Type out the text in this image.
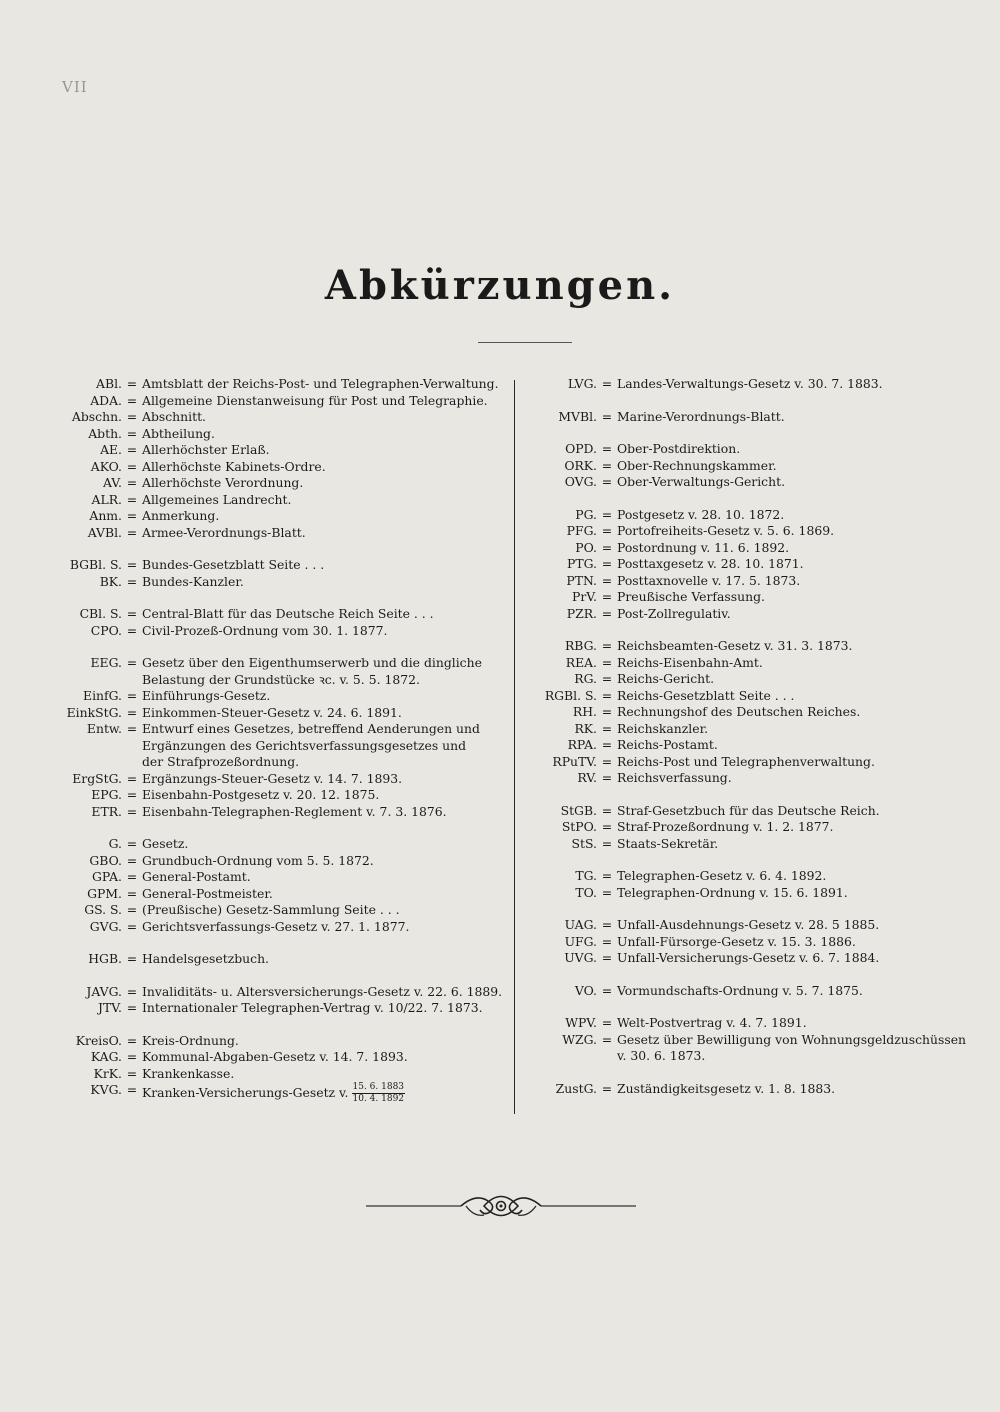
VII
Abkürzungen.
ABl. = Amtsblatt der Reichs-Post- und Telegraphen-Verwaltung.
ADA. = Allgemeine Dienstanweisung für Post und Telegraphie.
Abschn. = Abschnitt.
Abth. = Abtheilung.
AE. = Allerhöchster Erlaß.
AKO. = Allerhöchste Kabinets-Ordre.
AV. = Allerhöchste Verordnung.
ALR. = Allgemeines Landrecht.
Anm. = Anmerkung.
AVBl. = Armee-Verordnungs-Blatt.
BGBl. S. = Bundes-Gesetzblatt Seite . . .
BK. = Bundes-Kanzler.
CBl. S. = Central-Blatt für das Deutsche Reich Seite . . .
CPO. = Civil-Prozeß-Ordnung vom 30. 1. 1877.
EEG. = Gesetz über den Eigenthumserwerb und die dingliche
Belastung der Grundstücke ꝛc. v. 5. 5. 1872.
EinfG. = Einführungs-Gesetz.
EinkStG. = Einkommen-Steuer-Gesetz v. 24. 6. 1891.
Entw. = Entwurf eines Gesetzes, betreffend Aenderungen und
Ergänzungen des Gerichtsverfassungsgesetzes und
der Strafprozeßordnung.
ErgStG. = Ergänzungs-Steuer-Gesetz v. 14. 7. 1893.
EPG. = Eisenbahn-Postgesetz v. 20. 12. 1875.
ETR. = Eisenbahn-Telegraphen-Reglement v. 7. 3. 1876.
G. = Gesetz.
GBO. = Grundbuch-Ordnung vom 5. 5. 1872.
GPA. = General-Postamt.
GPM. = General-Postmeister.
GS. S. = (Preußische) Gesetz-Sammlung Seite . . .
GVG. = Gerichtsverfassungs-Gesetz v. 27. 1. 1877.
HGB. = Handelsgesetzbuch.
JAVG. = Invaliditäts- u. Altersversicherungs-Gesetz v. 22. 6. 1889.
JTV. = Internationaler Telegraphen-Vertrag v. 10/22. 7. 1873.
KreisO. = Kreis-Ordnung.
KAG. = Kommunal-Abgaben-Gesetz v. 14. 7. 1893.
KrK. = Krankenkasse.
KVG. = Kranken-Versicherungs-Gesetz v. $\frac{15. 6. 1883}{10. 4. 1892}$
LVG. = Landes-Verwaltungs-Gesetz v. 30. 7. 1883.
MVBl. = Marine-Verordnungs-Blatt.
OPD. = Ober-Postdirektion.
ORK. = Ober-Rechnungskammer.
OVG. = Ober-Verwaltungs-Gericht.
PG. = Postgesetz v. 28. 10. 1872.
PFG. = Portofreiheits-Gesetz v. 5. 6. 1869.
PO. = Postordnung v. 11. 6. 1892.
PTG. = Posttaxgesetz v. 28. 10. 1871.
PTN. = Posttaxnovelle v. 17. 5. 1873.
PrV. = Preußische Verfassung.
PZR. = Post-Zollregulativ.
RBG. = Reichsbeamten-Gesetz v. 31. 3. 1873.
REA. = Reichs-Eisenbahn-Amt.
RG. = Reichs-Gericht.
RGBl. S. = Reichs-Gesetzblatt Seite . . .
RH. = Rechnungshof des Deutschen Reiches.
RK. = Reichskanzler.
RPA. = Reichs-Postamt.
RPuTV. = Reichs-Post und Telegraphenverwaltung.
RV. = Reichsverfassung.
StGB. = Straf-Gesetzbuch für das Deutsche Reich.
StPO. = Straf-Prozeßordnung v. 1. 2. 1877.
StS. = Staats-Sekretär.
TG. = Telegraphen-Gesetz v. 6. 4. 1892.
TO. = Telegraphen-Ordnung v. 15. 6. 1891.
UAG. = Unfall-Ausdehnungs-Gesetz v. 28. 5 1885.
UFG. = Unfall-Fürsorge-Gesetz v. 15. 3. 1886.
UVG. = Unfall-Versicherungs-Gesetz v. 6. 7. 1884.
VO. = Vormundschafts-Ordnung v. 5. 7. 1875.
WPV. = Welt-Postvertrag v. 4. 7. 1891.
WZG. = Gesetz über Bewilligung von Wohnungsgeldzuschüssen
v. 30. 6. 1873.
ZustG. = Zuständigkeitsgesetz v. 1. 8. 1883.
